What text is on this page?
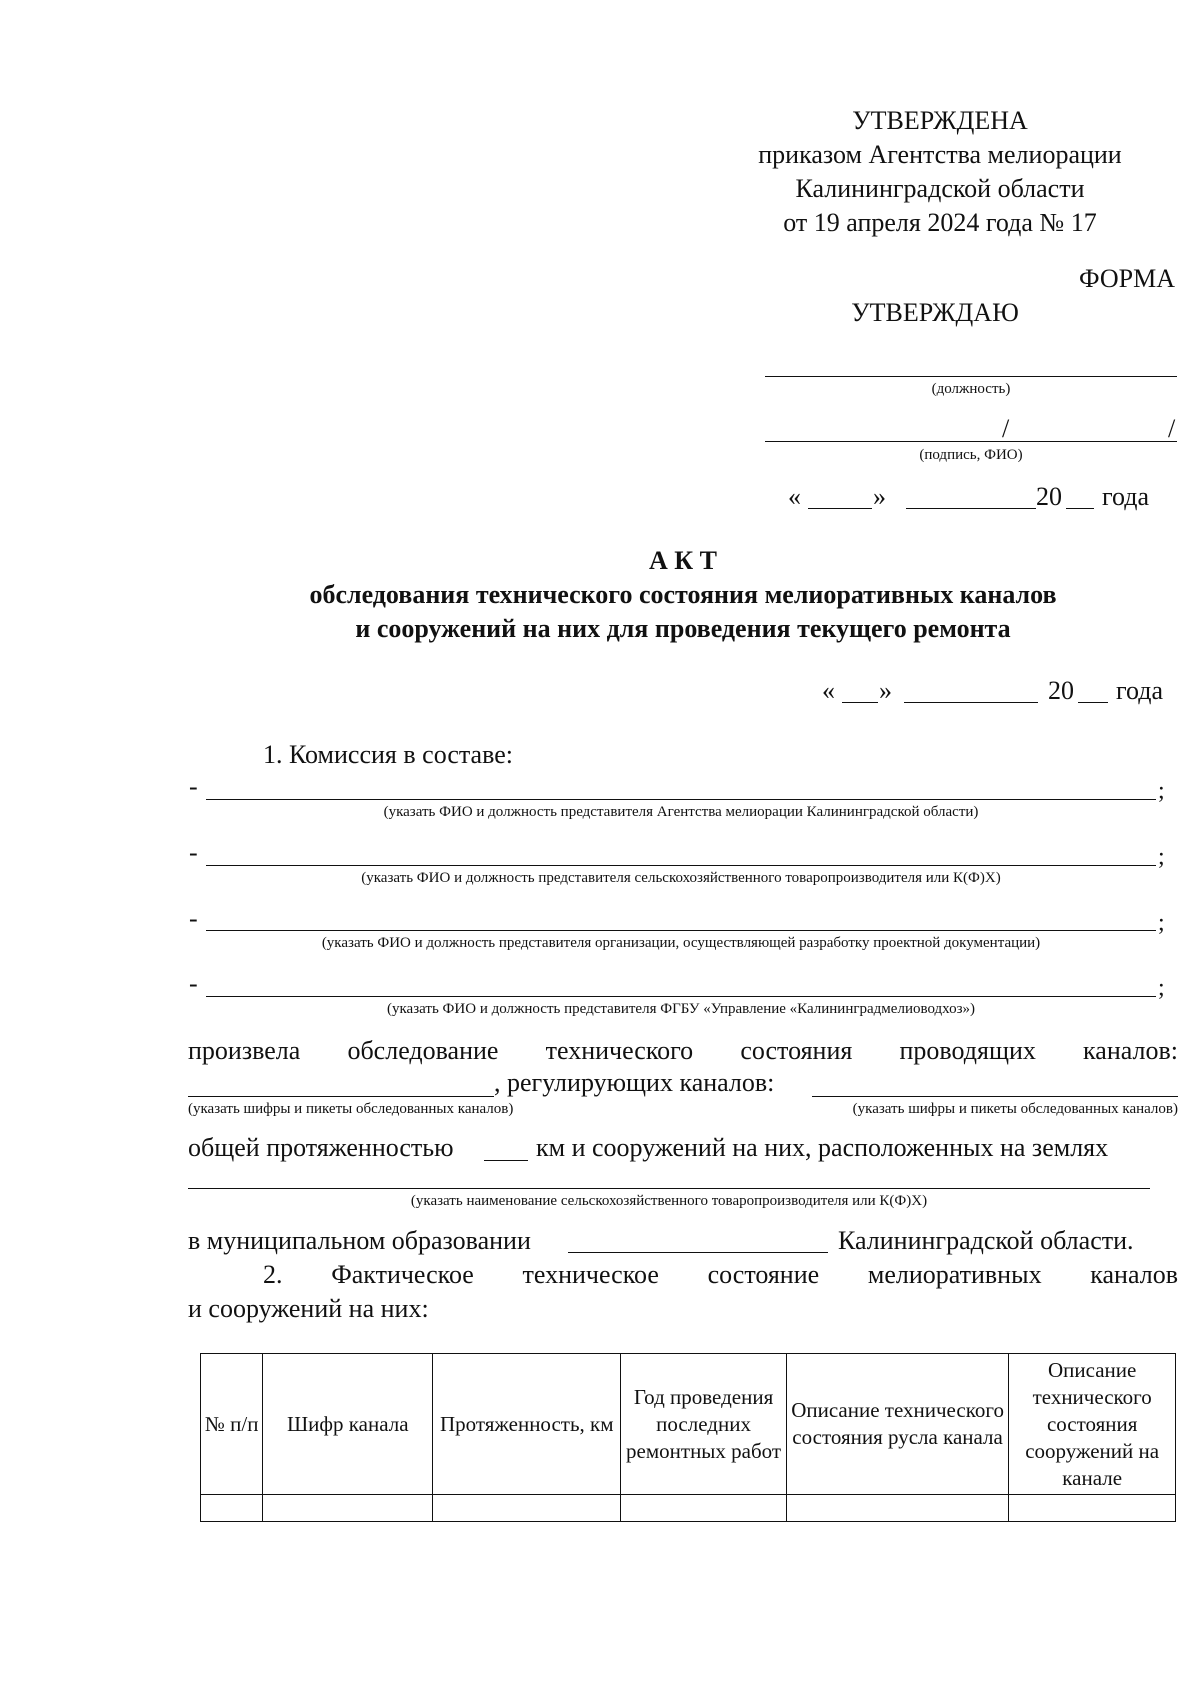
УТВЕРЖДЕНА
приказом Агентства мелиорации
Калининградской области
от 19 апреля 2024 года № 17
ФОРМА
УТВЕРЖДАЮ
(должность)
/	/
(подпись, ФИО)
«	»	20 года
А К Т
обследования технического состояния мелиоративных каналов
и сооружений на них для проведения текущего ремонта
« »	20 года
1. Комиссия в составе:
-	;
(указать ФИО и должность представителя Агентства мелиорации Калининградской области)
-	;
(указать ФИО и должность представителя сельскохозяйственного товаропроизводителя или К(Ф)Х)
-	;
(указать ФИО и должность представителя организации, осуществляющей разработку проектной документации)
-	;
(указать ФИО и должность представителя ФГБУ «Управление «Калининградмелиоводхоз»)
произвела обследование технического состояния проводящих каналов:
, регулирующих каналов:
(указать шифры и пикеты обследованных каналов)	(указать шифры и пикеты обследованных каналов)
общей протяженностью	км и сооружений на них, расположенных на землях
(указать наименование сельскохозяйственного товаропроизводителя или К(Ф)Х)
в муниципальном образовании	Калининградской области.
2. Фактическое техническое состояние мелиоративных каналов
и сооружений на них:
№ п/п	Шифр канала	Протяженность, км	Год проведения последних ремонтных работ	Описание технического состояния русла канала	Описание технического состояния сооружений на канале
